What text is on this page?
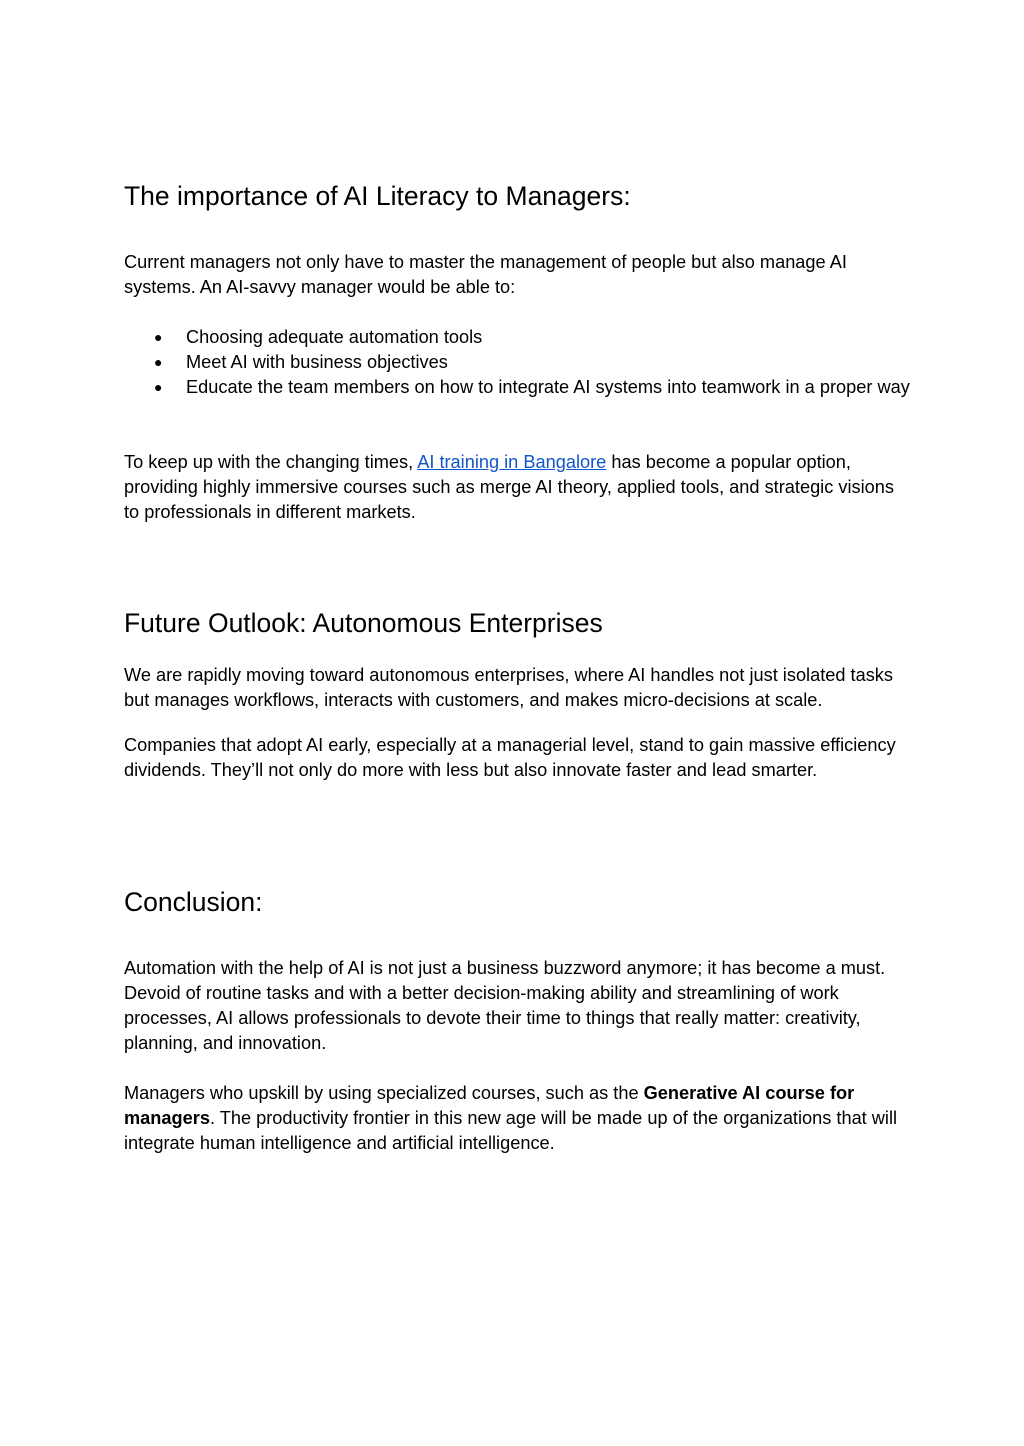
The importance of AI Literacy to Managers:

Current managers not only have to master the management of people but also manage AI systems. An AI-savvy manager would be able to:

● Choosing adequate automation tools
● Meet AI with business objectives
● Educate the team members on how to integrate AI systems into teamwork in a proper way

To keep up with the changing times, AI training in Bangalore has become a popular option, providing highly immersive courses such as merge AI theory, applied tools, and strategic visions to professionals in different markets.

Future Outlook: Autonomous Enterprises

We are rapidly moving toward autonomous enterprises, where AI handles not just isolated tasks but manages workflows, interacts with customers, and makes micro-decisions at scale.

Companies that adopt AI early, especially at a managerial level, stand to gain massive efficiency dividends. They’ll not only do more with less but also innovate faster and lead smarter.

Conclusion:

Automation with the help of AI is not just a business buzzword anymore; it has become a must. Devoid of routine tasks and with a better decision-making ability and streamlining of work processes, AI allows professionals to devote their time to things that really matter: creativity, planning, and innovation.

Managers who upskill by using specialized courses, such as the Generative AI course for managers. The productivity frontier in this new age will be made up of the organizations that will integrate human intelligence and artificial intelligence.
